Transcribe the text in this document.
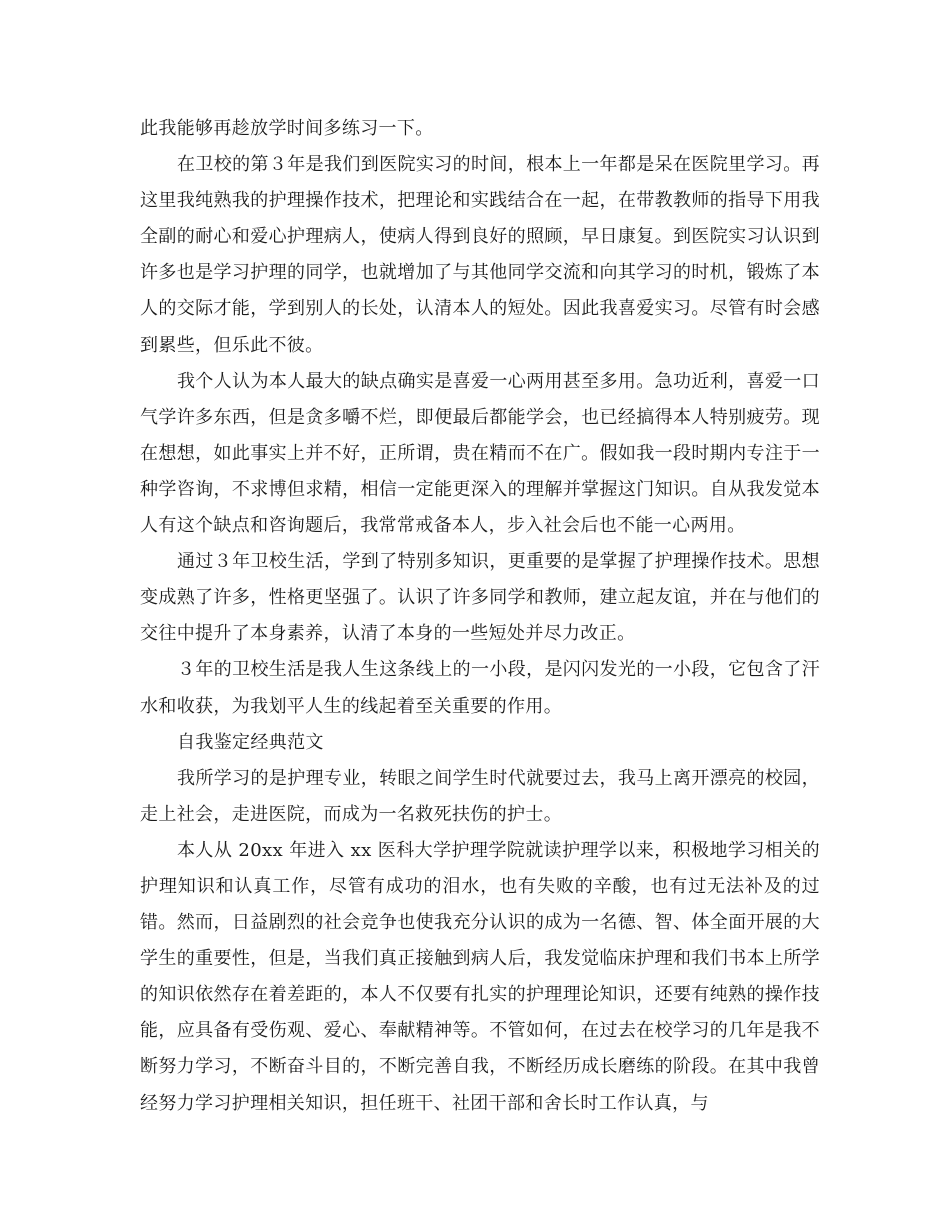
此我能够再趁放学时间多练习一下。

在卫校的第３年是我们到医院实习的时间，根本上一年都是呆在医院里学习。再这里我纯熟我的护理操作技术，把理论和实践结合在一起，在带教教师的指导下用我全副的耐心和爱心护理病人，使病人得到良好的照顾，早日康复。到医院实习认识到许多也是学习护理的同学，也就增加了与其他同学交流和向其学习的时机，锻炼了本人的交际才能，学到别人的长处，认清本人的短处。因此我喜爱实习。尽管有时会感到累些，但乐此不彼。

我个人认为本人最大的缺点确实是喜爱一心两用甚至多用。急功近利，喜爱一口气学许多东西，但是贪多嚼不烂，即便最后都能学会，也已经搞得本人特别疲劳。现在想想，如此事实上并不好，正所谓，贵在精而不在广。假如我一段时期内专注于一种学咨询，不求博但求精，相信一定能更深入的理解并掌握这门知识。自从我发觉本人有这个缺点和咨询题后，我常常戒备本人，步入社会后也不能一心两用。

通过３年卫校生活，学到了特别多知识，更重要的是掌握了护理操作技术。思想变成熟了许多，性格更坚强了。认识了许多同学和教师，建立起友谊，并在与他们的交往中提升了本身素养，认清了本身的一些短处并尽力改正。

３年的卫校生活是我人生这条线上的一小段，是闪闪发光的一小段，它包含了汗水和收获，为我划平人生的线起着至关重要的作用。

自我鉴定经典范文

我所学习的是护理专业，转眼之间学生时代就要过去，我马上离开漂亮的校园，走上社会，走进医院，而成为一名救死扶伤的护士。

本人从 20xx 年进入 xx 医科大学护理学院就读护理学以来，积极地学习相关的护理知识和认真工作，尽管有成功的泪水，也有失败的辛酸，也有过无法补及的过错。然而，日益剧烈的社会竞争也使我充分认识的成为一名德、智、体全面开展的大学生的重要性，但是，当我们真正接触到病人后，我发觉临床护理和我们书本上所学的知识依然存在着差距的，本人不仅要有扎实的护理理论知识，还要有纯熟的操作技能，应具备有受伤观、爱心、奉献精神等。不管如何，在过去在校学习的几年是我不断努力学习，不断奋斗目的，不断完善自我，不断经历成长磨练的阶段。在其中我曾经努力学习护理相关知识，担任班干、社团干部和舍长时工作认真，与
